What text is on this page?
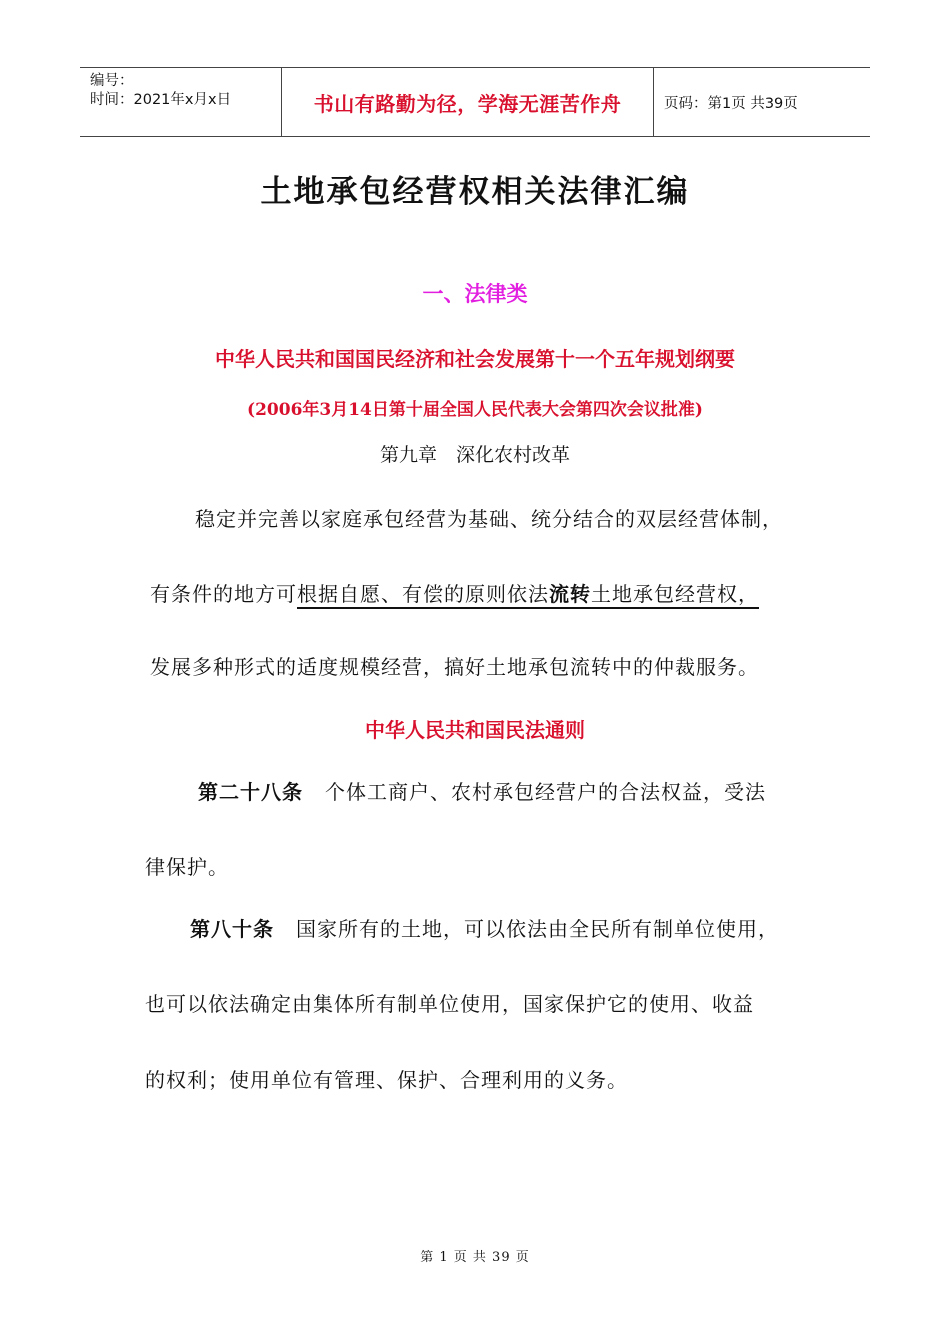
编号：
时间：2021年x月x日	书山有路勤为径，学海无涯苦作舟	页码：第1页 共39页
土地承包经营权相关法律汇编
一、法律类
中华人民共和国国民经济和社会发展第十一个五年规划纲要
(2006年3月14日第十届全国人民代表大会第四次会议批准)
第九章　深化农村改革
稳定并完善以家庭承包经营为基础、统分结合的双层经营体制，
有条件的地方可根据自愿、有偿的原则依法流转土地承包经营权，
发展多种形式的适度规模经营，搞好土地承包流转中的仲裁服务。
中华人民共和国民法通则
第二十八条 个体工商户、农村承包经营户的合法权益，受法
律保护。
第八十条 国家所有的土地，可以依法由全民所有制单位使用，
也可以依法确定由集体所有制单位使用，国家保护它的使用、收益
的权利；使用单位有管理、保护、合理利用的义务。
第 1 页 共 39 页
